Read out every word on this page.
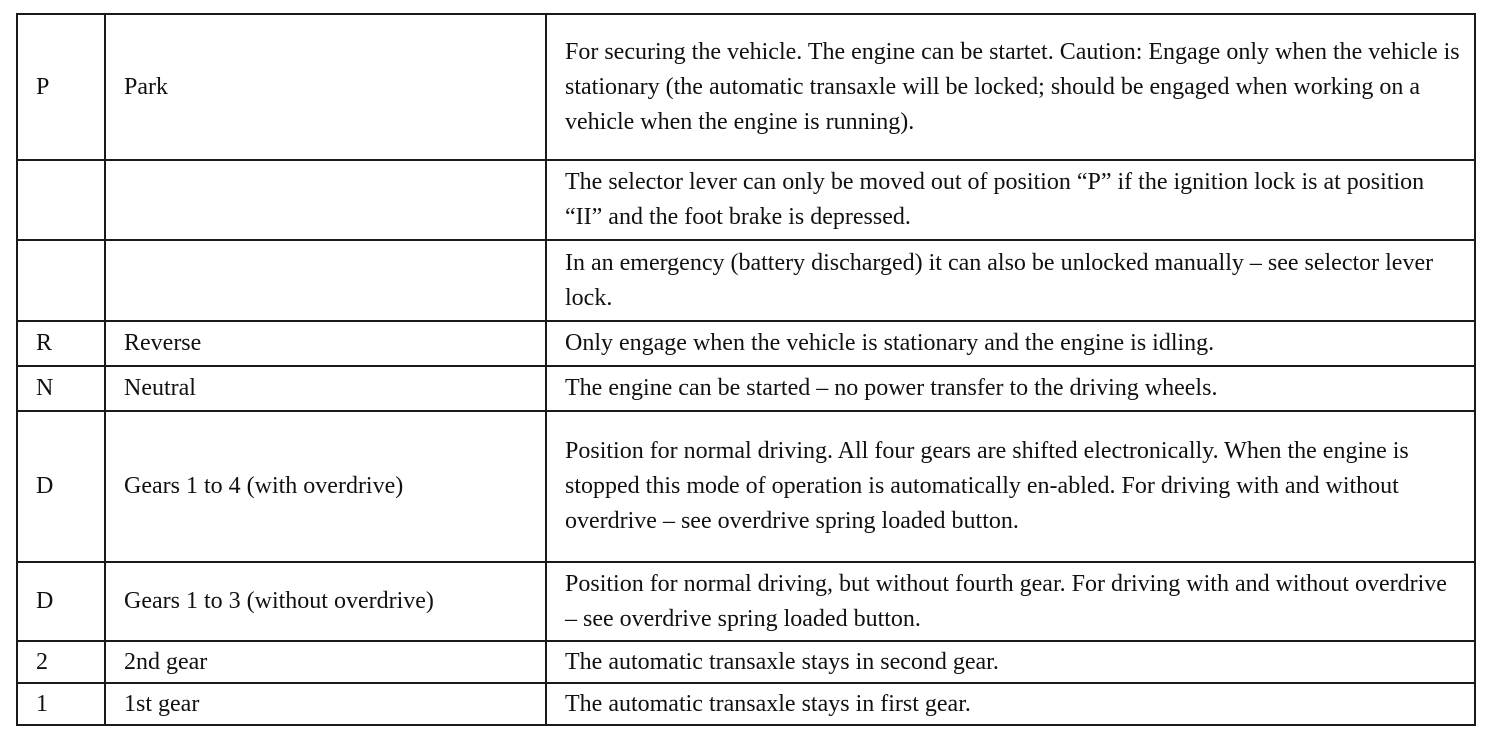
P	Park	For securing the vehicle. The engine can be startet. Caution: Engage only when the vehicle is stationary (the automatic transaxle will be locked; should be engaged when working on a vehicle when the engine is running).
		The selector lever can only be moved out of position “P” if the ignition lock is at position “II” and the foot brake is depressed.
		In an emergency (battery discharged) it can also be unlocked manually – see selector lever lock.
R	Reverse	Only engage when the vehicle is stationary and the engine is idling.
N	Neutral	The engine can be started – no power transfer to the driving wheels.
D	Gears 1 to 4 (with overdrive)	Position for normal driving. All four gears are shifted electronically. When the engine is stopped this mode of operation is automatically en-abled. For driving with and without overdrive – see overdrive spring loaded button.
D	Gears 1 to 3 (without overdrive)	Position for normal driving, but without fourth gear. For driving with and without overdrive – see overdrive spring loaded button.
2	2nd gear	The automatic transaxle stays in second gear.
1	1st gear	The automatic transaxle stays in first gear.
